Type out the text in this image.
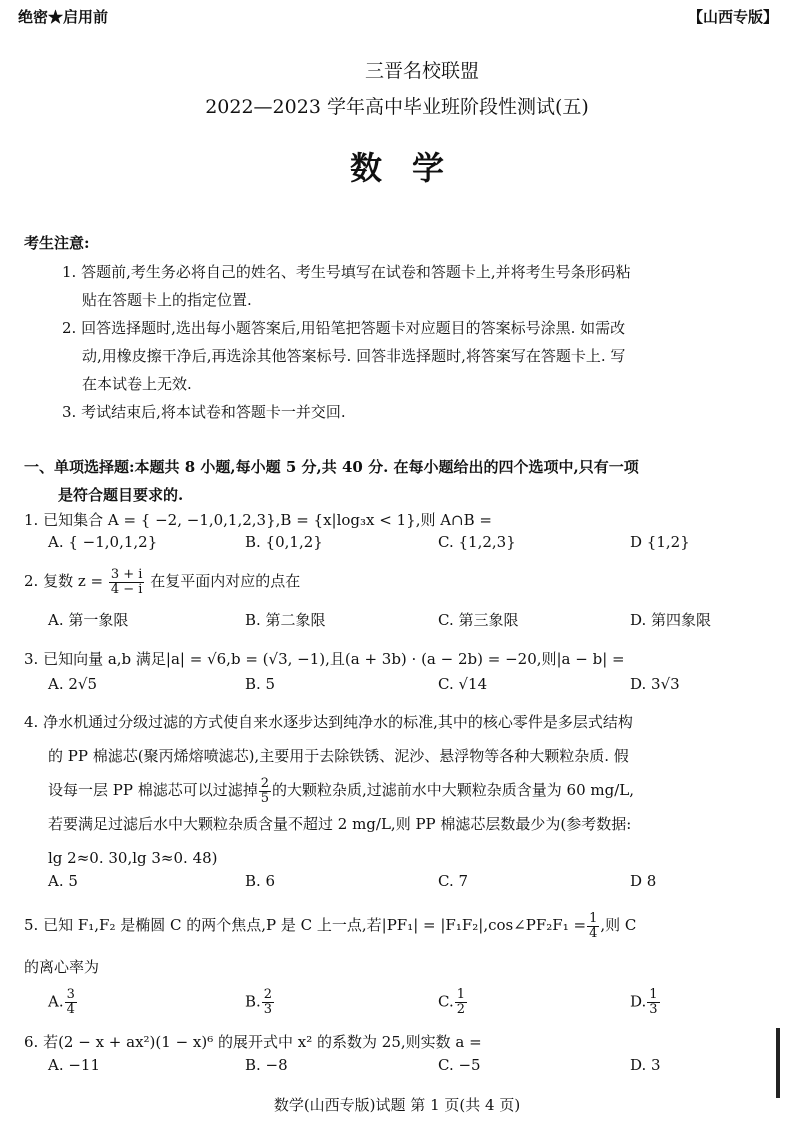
绝密★启用前	【山西专版】
三晋名校联盟
2022—2023 学年高中毕业班阶段性测试(五)
数学
考生注意:
1. 答题前,考生务必将自己的姓名、考生号填写在试卷和答题卡上,并将考生号条形码粘
贴在答题卡上的指定位置.
2. 回答选择题时,选出每小题答案后,用铅笔把答题卡对应题目的答案标号涂黑. 如需改
动,用橡皮擦干净后,再选涂其他答案标号. 回答非选择题时,将答案写在答题卡上. 写
在本试卷上无效.
3. 考试结束后,将本试卷和答题卡一并交回.
一、单项选择题:本题共 8 小题,每小题 5 分,共 40 分. 在每小题给出的四个选项中,只有一项
是符合题目要求的.
1. 已知集合 A = { −2, −1,0,1,2,3},B = {x|log₃x < 1},则 A∩B =
A. { −1,0,1,2}	B. {0,1,2}	C. {1,2,3}	D {1,2}
2. 复数 $z = \frac{3 + i}{4 - i}$ 在复平面内对应的点在
A. 第一象限	B. 第二象限	C. 第三象限	D. 第四象限
3. 已知向量 a,b 满足|a| = √6,b = (√3, −1),且(a + 3b) · (a − 2b) = −20,则|a − b| =
A. 2√5	B. 5	C. √14	D. 3√3
4. 净水机通过分级过滤的方式使自来水逐步达到纯净水的标准,其中的核心零件是多层式结构
的 PP 棉滤芯(聚丙烯熔喷滤芯),主要用于去除铁锈、泥沙、悬浮物等各种大颗粒杂质. 假
设每一层 PP 棉滤芯可以过滤掉 $\frac{2}{5}$ 的大颗粒杂质,过滤前水中大颗粒杂质含量为 60 mg/L,
若要满足过滤后水中大颗粒杂质含量不超过 2 mg/L,则 PP 棉滤芯层数最少为(参考数据:
lg 2≈0. 30,lg 3≈0. 48)
A. 5	B. 6	C. 7	D 8
5. 已知 F₁,F₂ 是椭圆 C 的两个焦点,P 是 C 上一点,若|PF₁| = |F₁F₂|,cos∠PF₂F₁ = $\frac{1}{4}$ ,则 C
的离心率为
A. $\frac{3}{4}$	B. $\frac{2}{3}$	C. $\frac{1}{2}$	D. $\frac{1}{3}$
6. 若(2 − x + ax²)(1 − x)⁶ 的展开式中 x² 的系数为 25,则实数 a =
A. −11	B. −8	C. −5	D. 3
数学(山西专版)试题 第 1 页(共 4 页)
